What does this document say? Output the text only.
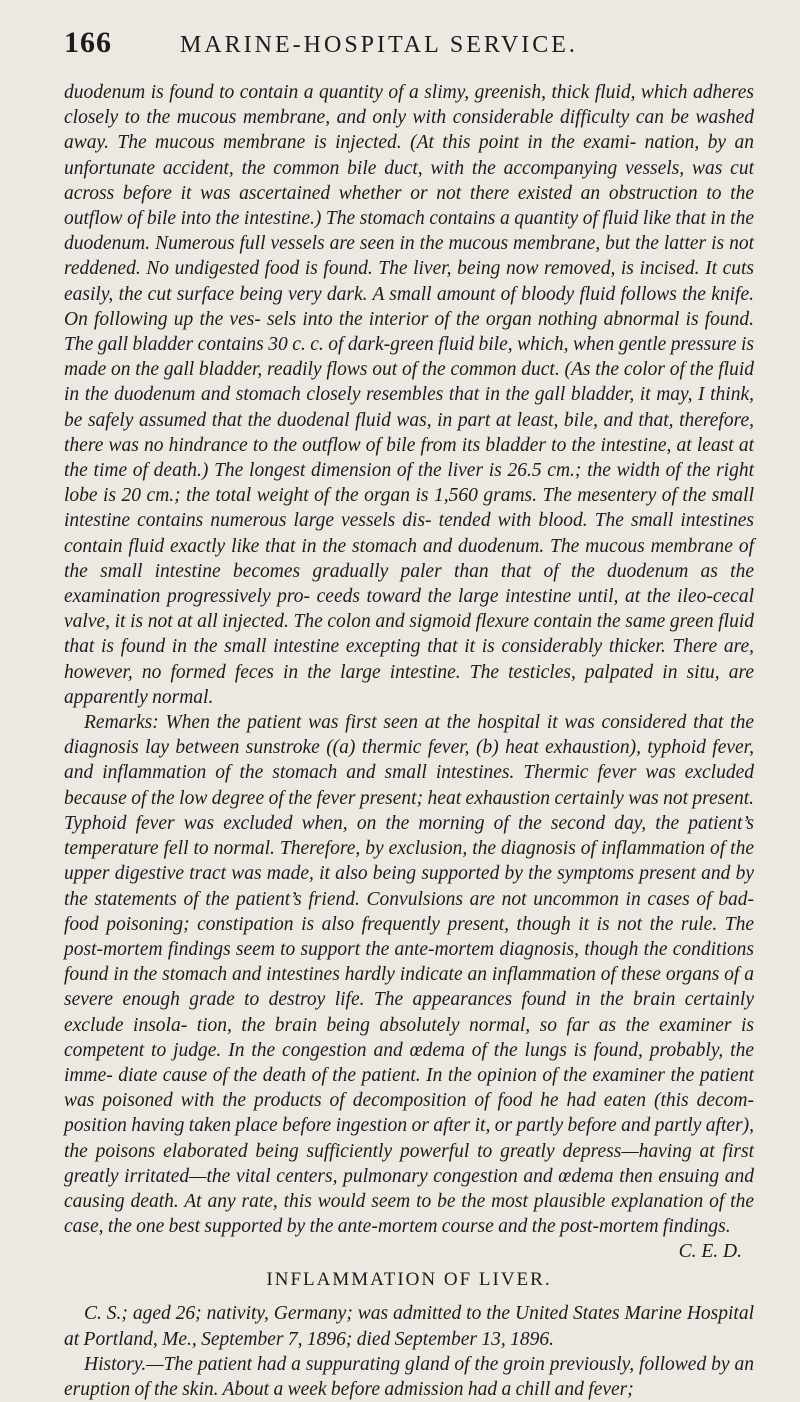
166	MARINE-HOSPITAL SERVICE.

duodenum is found to contain a quantity of a slimy, greenish, thick fluid, which adheres closely to the mucous membrane, and only with considerable difficulty can be washed away. The mucous membrane is injected. (At this point in the exami- nation, by an unfortunate accident, the common bile duct, with the accompanying vessels, was cut across before it was ascertained whether or not there existed an obstruction to the outflow of bile into the intestine.) The stomach contains a quantity of fluid like that in the duodenum. Numerous full vessels are seen in the mucous membrane, but the latter is not reddened. No undigested food is found. The liver, being now removed, is incised. It cuts easily, the cut surface being very dark. A small amount of bloody fluid follows the knife. On following up the ves- sels into the interior of the organ nothing abnormal is found. The gall bladder contains 30 c. c. of dark-green fluid bile, which, when gentle pressure is made on the gall bladder, readily flows out of the common duct. (As the color of the fluid in the duodenum and stomach closely resembles that in the gall bladder, it may, I think, be safely assumed that the duodenal fluid was, in part at least, bile, and that, therefore, there was no hindrance to the outflow of bile from its bladder to the intestine, at least at the time of death.) The longest dimension of the liver is 26.5 cm.; the width of the right lobe is 20 cm.; the total weight of the organ is 1,560 grams. The mesentery of the small intestine contains numerous large vessels dis- tended with blood. The small intestines contain fluid exactly like that in the stomach and duodenum. The mucous membrane of the small intestine becomes gradually paler than that of the duodenum as the examination progressively pro- ceeds toward the large intestine until, at the ileo-cecal valve, it is not at all injected. The colon and sigmoid flexure contain the same green fluid that is found in the small intestine excepting that it is considerably thicker. There are, however, no formed feces in the large intestine. The testicles, palpated in situ, are apparently normal.

Remarks: When the patient was first seen at the hospital it was considered that the diagnosis lay between sunstroke ((a) thermic fever, (b) heat exhaustion), typhoid fever, and inflammation of the stomach and small intestines. Thermic fever was excluded because of the low degree of the fever present; heat exhaustion certainly was not present. Typhoid fever was excluded when, on the morning of the second day, the patient’s temperature fell to normal. Therefore, by exclusion, the diagnosis of inflammation of the upper digestive tract was made, it also being supported by the symptoms present and by the statements of the patient’s friend. Convulsions are not uncommon in cases of bad-food poisoning; constipation is also frequently present, though it is not the rule. The post-mortem findings seem to support the ante-mortem diagnosis, though the conditions found in the stomach and intestines hardly indicate an inflammation of these organs of a severe enough grade to destroy life. The appearances found in the brain certainly exclude insola- tion, the brain being absolutely normal, so far as the examiner is competent to judge. In the congestion and œdema of the lungs is found, probably, the imme- diate cause of the death of the patient. In the opinion of the examiner the patient was poisoned with the products of decomposition of food he had eaten (this decom- position having taken place before ingestion or after it, or partly before and partly after), the poisons elaborated being sufficiently powerful to greatly depress—having at first greatly irritated—the vital centers, pulmonary congestion and œdema then ensuing and causing death. At any rate, this would seem to be the most plausible explanation of the case, the one best supported by the ante-mortem course and the post-mortem findings.

C. E. D.
INFLAMMATION OF LIVER.

C. S.; aged 26; nativity, Germany; was admitted to the United States Marine Hospital at Portland, Me., September 7, 1896; died September 13, 1896.

History.—The patient had a suppurating gland of the groin previously, followed by an eruption of the skin. About a week before admission had a chill and fever;
